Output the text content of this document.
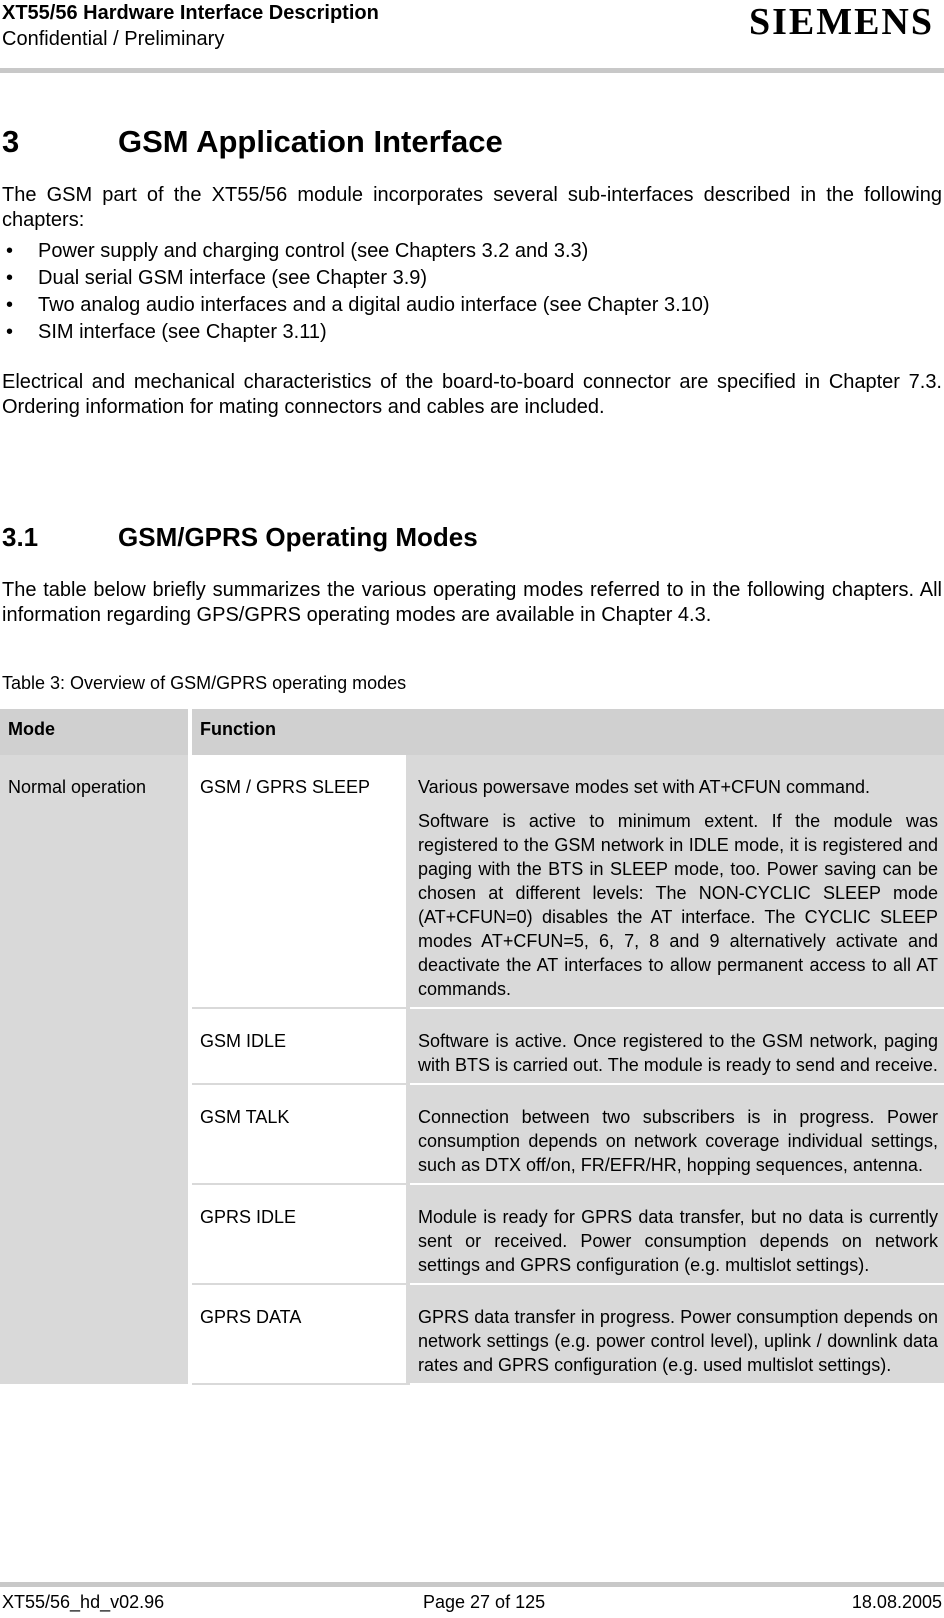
XT55/56 Hardware Interface Description
Confidential / Preliminary	SIEMENS
3	GSM Application Interface
The GSM part of the XT55/56 module incorporates several sub-interfaces described in the following chapters:
• Power supply and charging control (see Chapters 3.2 and 3.3)
• Dual serial GSM interface (see Chapter 3.9)
• Two analog audio interfaces and a digital audio interface (see Chapter 3.10)
• SIM interface (see Chapter 3.11)
Electrical and mechanical characteristics of the board-to-board connector are specified in Chapter 7.3. Ordering information for mating connectors and cables are included.
3.1	GSM/GPRS Operating Modes
The table below briefly summarizes the various operating modes referred to in the following chapters. All information regarding GPS/GPRS operating modes are available in Chapter 4.3.
Table 3: Overview of GSM/GPRS operating modes
Mode	Function	
Normal operation	GSM / GPRS SLEEP	Various powersave modes set with AT+CFUN command.

Software is active to minimum extent. If the module was registered to the GSM network in IDLE mode, it is registered and paging with the BTS in SLEEP mode, too. Power saving can be chosen at different levels: The NON-CYCLIC SLEEP mode (AT+CFUN=0) disables the AT interface. The CYCLIC SLEEP modes AT+CFUN=5, 6, 7, 8 and 9 alternatively activate and deactivate the AT interfaces to allow permanent access to all AT commands.

	GSM IDLE	Software is active. Once registered to the GSM network, paging with BTS is carried out. The module is ready to send and receive.

	GSM TALK	Connection between two subscribers is in progress. Power consumption depends on network coverage individual settings, such as DTX off/on, FR/EFR/HR, hopping sequences, antenna.

	GPRS IDLE	Module is ready for GPRS data transfer, but no data is currently sent or received. Power consumption depends on network settings and GPRS configuration (e.g. multislot settings).

	GPRS DATA	GPRS data transfer in progress. Power consumption depends on network settings (e.g. power control level), uplink / downlink data rates and GPRS configuration (e.g. used multislot settings).

XT55/56_hd_v02.96	Page 27 of 125	18.08.2005
